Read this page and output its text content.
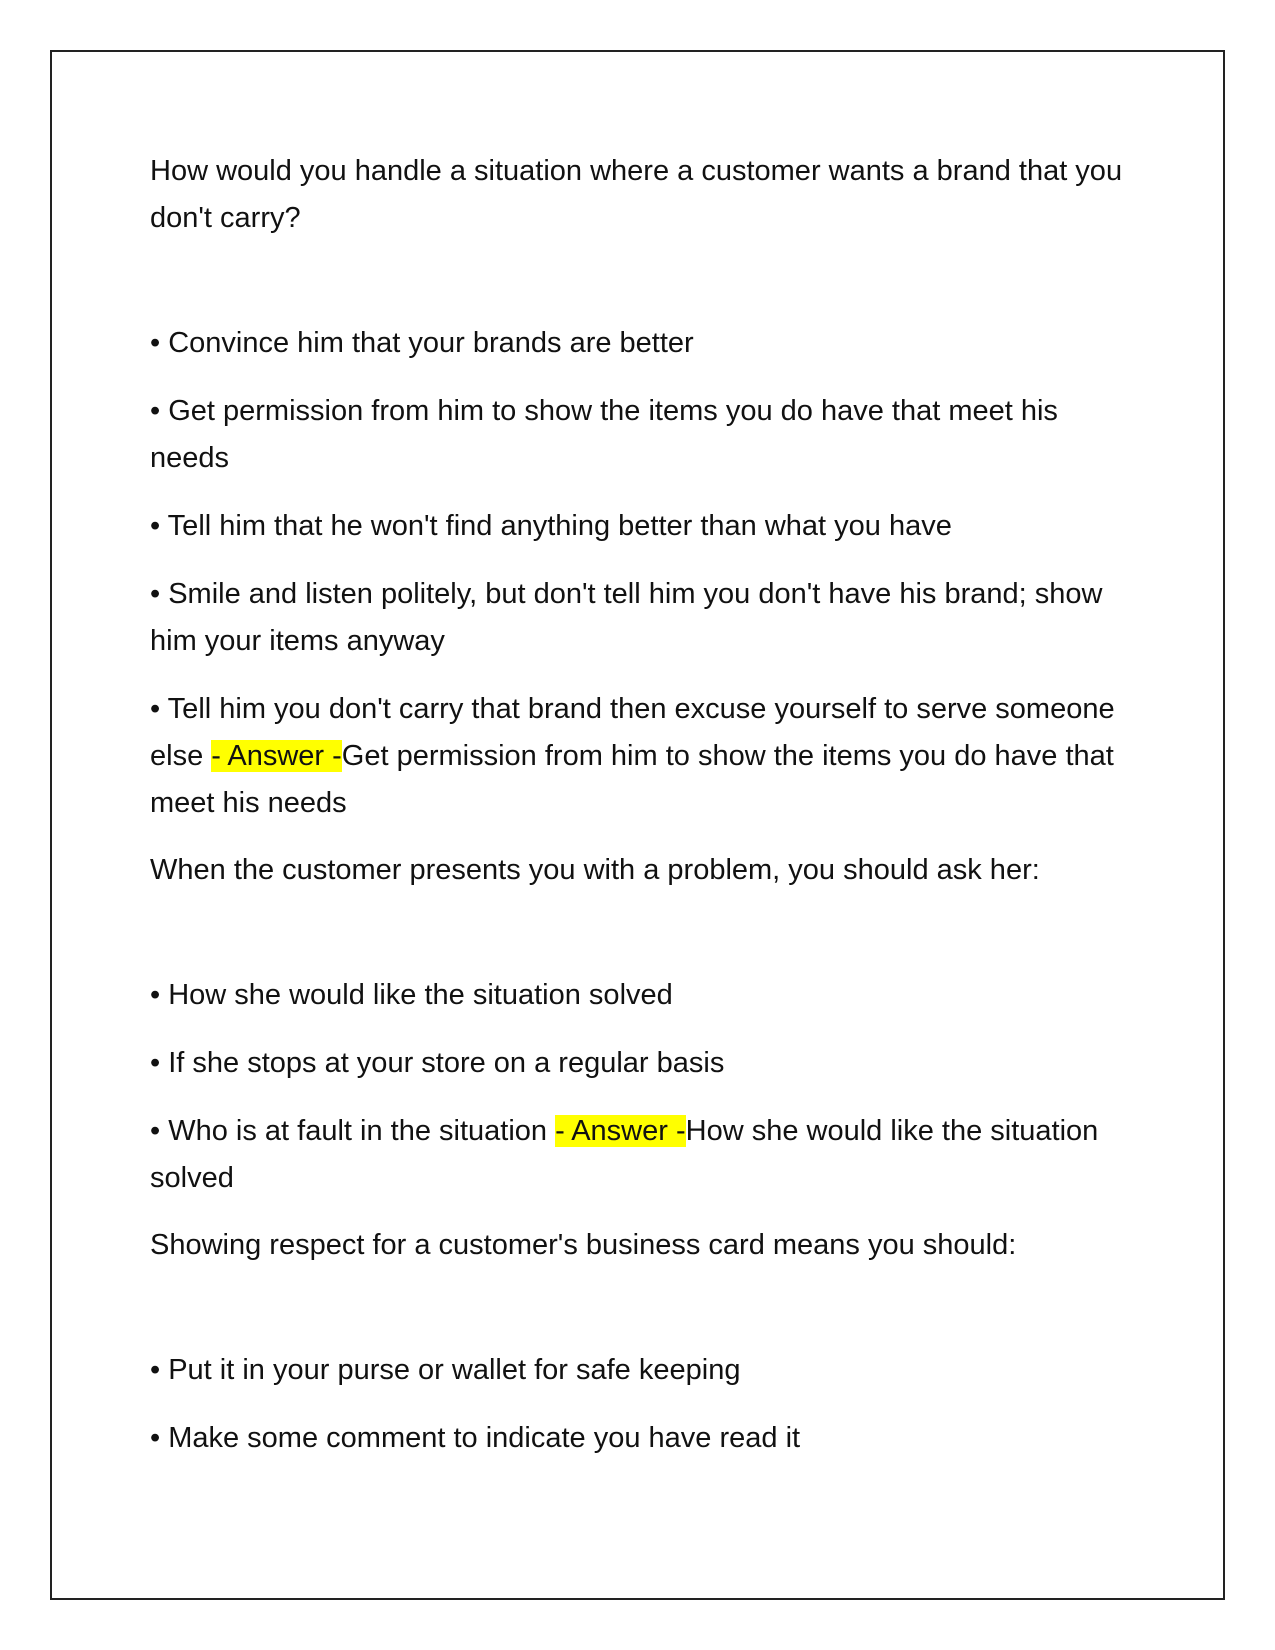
How would you handle a situation where a customer wants a brand that you don't carry?

• Convince him that your brands are better

• Get permission from him to show the items you do have that meet his needs

• Tell him that he won't find anything better than what you have

• Smile and listen politely, but don't tell him you don't have his brand; show him your items anyway

• Tell him you don't carry that brand then excuse yourself to serve someone else - Answer -Get permission from him to show the items you do have that meet his needs

When the customer presents you with a problem, you should ask her:

• How she would like the situation solved

• If she stops at your store on a regular basis

• Who is at fault in the situation - Answer -How she would like the situation solved

Showing respect for a customer's business card means you should:

• Put it in your purse or wallet for safe keeping

• Make some comment to indicate you have read it
